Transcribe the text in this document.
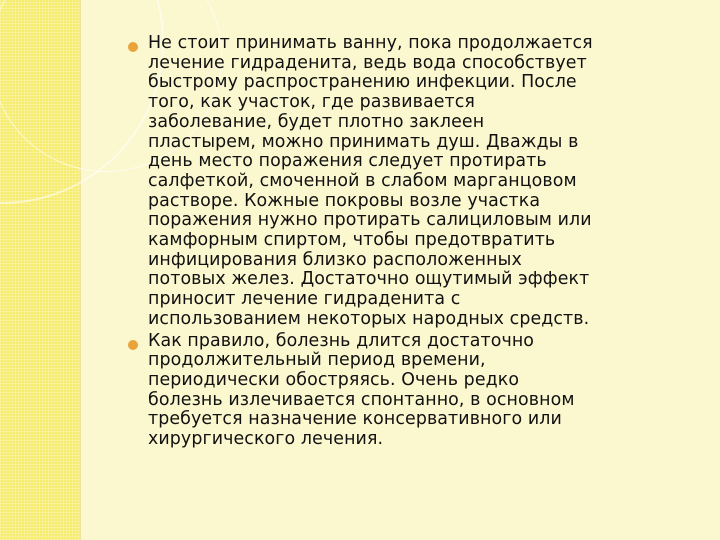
Не стоит принимать ванну, пока продолжается
лечение гидраденита, ведь вода способствует
быстрому распространению инфекции. После
того, как участок, где развивается
заболевание, будет плотно заклеен
пластырем, можно принимать душ. Дважды в
день место поражения следует протирать
салфеткой, смоченной в слабом марганцовом
растворе. Кожные покровы возле участка
поражения нужно протирать салициловым или
камфорным спиртом, чтобы предотвратить
инфицирования близко расположенных
потовых желез. Достаточно ощутимый эффект
приносит лечение гидраденита с
использованием некоторых народных средств.
Как правило, болезнь длится достаточно
продолжительный период времени,
периодически обостряясь. Очень редко
болезнь излечивается спонтанно, в основном
требуется назначение консервативного или
хирургического лечения.
